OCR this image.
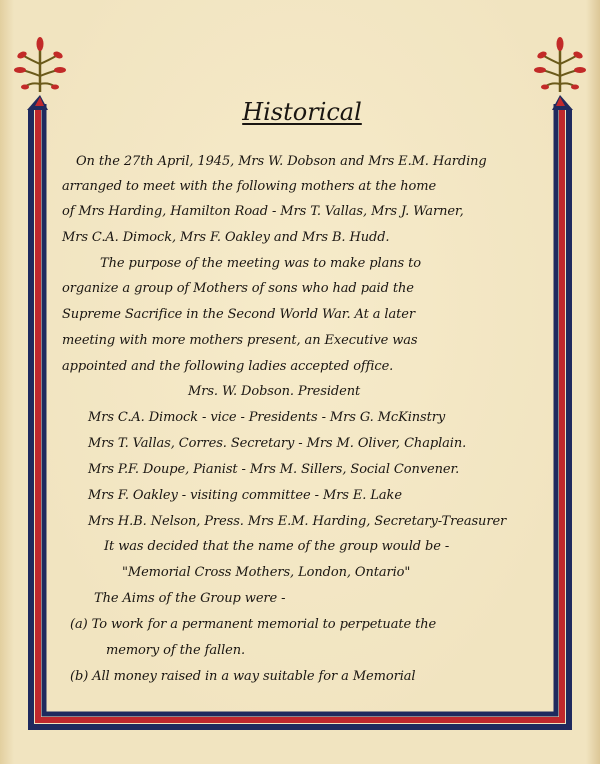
Historical
On the 27th April, 1945, Mrs W. Dobson and Mrs E.M. Harding
arranged to meet with the following mothers at the home
of Mrs Harding, Hamilton Road - Mrs T. Vallas, Mrs J. Warner,
Mrs C.A. Dimock, Mrs F. Oakley and Mrs B. Hudd.
The purpose of the meeting was to make plans to
organize a group of Mothers of sons who had paid the
Supreme Sacrifice in the Second World War. At a later
meeting with more mothers present, an Executive was
appointed and the following ladies accepted office.
Mrs. W. Dobson. President
Mrs C.A. Dimock - vice - Presidents - Mrs G. McKinstry
Mrs T. Vallas, Corres. Secretary - Mrs M. Oliver, Chaplain.
Mrs P.F. Doupe, Pianist - Mrs M. Sillers, Social Convener.
Mrs F. Oakley - visiting committee - Mrs E. Lake
Mrs H.B. Nelson, Press. Mrs E.M. Harding, Secretary-Treasurer
It was decided that the name of the group would be -
"Memorial Cross Mothers, London, Ontario"
The Aims of the Group were -
(a) To work for a permanent memorial to perpetuate the
memory of the fallen.
(b) All money raised in a way suitable for a Memorial
